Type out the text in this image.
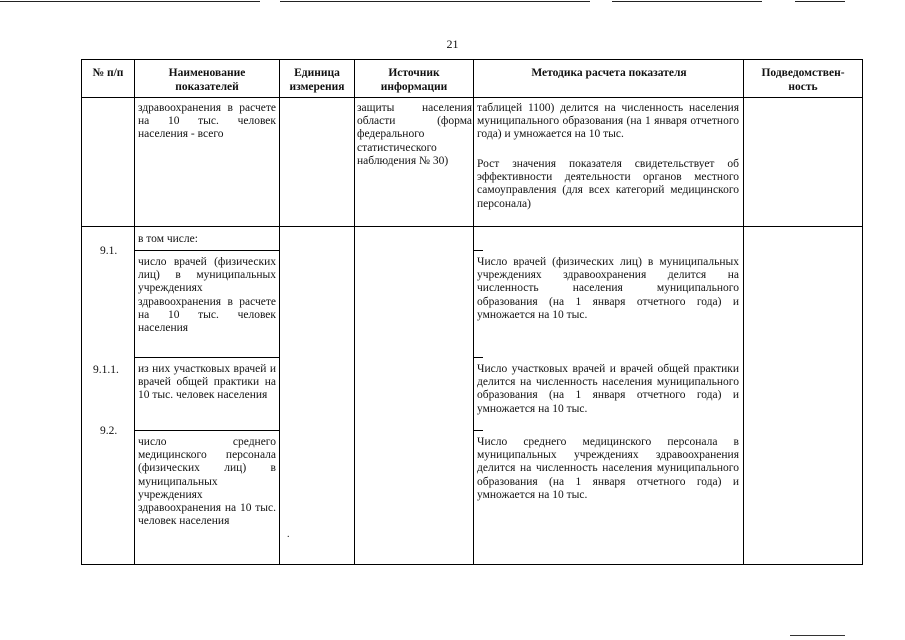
21
№ п/п	Наименование показателей
Единица измерения
Источник информации
Методика расчета показателя	Подведомствен-ность
здравоохранения в расчете на 10 тыс. человек населения - всего
защиты населения области (форма федерального статистического наблюдения № 30)
таблицей 1100) делится на численность населения муниципального образования (на 1 января отчетного года) и умножается на 10 тыс.
Рост значения показателя свидетельствует об эффективности деятельности органов местного самоуправления (для всех категорий медицинского персонала)
9.1.
в том числе:
число врачей (физических лиц) в муниципальных учреждениях здравоохранения в расчете на 10 тыс. человек населения
Число врачей (физических лиц) в муниципальных учреждениях здравоохранения делится на численность населения муниципального образования (на 1 января отчетного года) и умножается на 10 тыс.
9.1.1. из них участковых врачей и врачей общей практики на 10 тыс. человек населения
Число участковых врачей и врачей общей практики делится на численность населения муниципального образования (на 1 января отчетного года) и умножается на 10 тыс.
9.2.
число среднего медицинского персонала (физических лиц) в муниципальных учреждениях здравоохранения на 10 тыс. человек населения
Число среднего медицинского персонала в муниципальных учреждениях здравоохранения делится на численность населения муниципального образования (на 1 января отчетного года) и умножается на 10 тыс.
.
